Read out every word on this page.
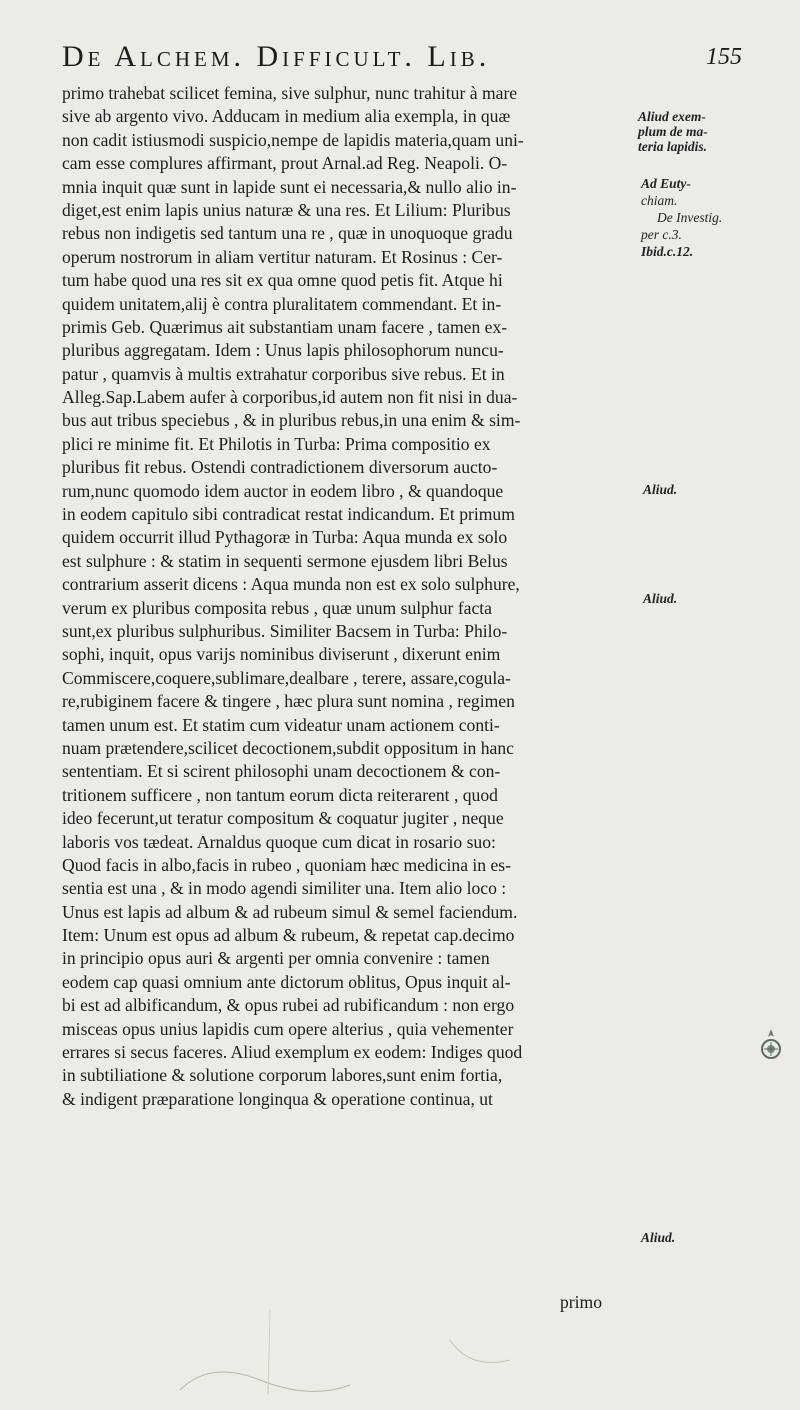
De Alchem. Difficult. Lib.	155
primo trahebat scilicet femina, sive sulphur, nunc trahitur à mare
sive ab argento vivo. Adducam in medium alia exempla, in quæ
non cadit istiusmodi suspicio,nempe de lapidis materia,quam uni-
cam esse complures affirmant, prout Arnal.ad Reg. Neapoli. O-
mnia inquit quæ sunt in lapide sunt ei necessaria,& nullo alio in-
diget,est enim lapis unius naturæ & una res. Et Lilium: Pluribus
rebus non indigetis sed tantum una re , quæ in unoquoque gradu
operum nostrorum in aliam vertitur naturam. Et Rosinus : Cer-
tum habe quod una res sit ex qua omne quod petis fit. Atque hi
quidem unitatem,alij è contra pluralitatem commendant. Et in-
primis Geb. Quærimus ait substantiam unam facere , tamen ex-
pluribus aggregatam. Idem : Unus lapis philosophorum nuncu-
patur , quamvis à multis extrahatur corporibus sive rebus. Et in
Alleg.Sap.Labem aufer à corporibus,id autem non fit nisi in dua-
bus aut tribus speciebus , & in pluribus rebus,in una enim & sim-
plici re minime fit. Et Philotis in Turba: Prima compositio ex
pluribus fit rebus. Ostendi contradictionem diversorum aucto-
rum,nunc quomodo idem auctor in eodem libro , & quandoque
in eodem capitulo sibi contradicat restat indicandum. Et primum
quidem occurrit illud Pythagoræ in Turba: Aqua munda ex solo
est sulphure : & statim in sequenti sermone ejusdem libri Belus
contrarium asserit dicens : Aqua munda non est ex solo sulphure,
verum ex pluribus composita rebus , quæ unum sulphur facta
sunt,ex pluribus sulphuribus. Similiter Bacsem in Turba: Philo-
sophi, inquit, opus varijs nominibus diviserunt , dixerunt enim
Commiscere,coquere,sublimare,dealbare , terere, assare,cogula-
re,rubiginem facere & tingere , hæc plura sunt nomina , regimen
tamen unum est. Et statim cum videatur unam actionem conti-
nuam prætendere,scilicet decoctionem,subdit oppositum in hanc
sententiam. Et si scirent philosophi unam decoctionem & con-
tritionem sufficere , non tantum eorum dicta reiterarent , quod
ideo fecerunt,ut teratur compositum & coquatur jugiter , neque
laboris vos tædeat. Arnaldus quoque cum dicat in rosario suo:
Quod facis in albo,facis in rubeo , quoniam hæc medicina in es-
sentia est una , & in modo agendi similiter una. Item alio loco :
Unus est lapis ad album & ad rubeum simul & semel faciendum.
Item: Unum est opus ad album & rubeum, & repetat cap.decimo
in principio opus auri & argenti per omnia convenire : tamen
eodem cap quasi omnium ante dictorum oblitus, Opus inquit al-
bi est ad albificandum, & opus rubei ad rubificandum : non ergo
misceas opus unius lapidis cum opere alterius , quia vehementer
errares si secus faceres. Aliud exemplum ex eodem: Indiges quod
in subtiliatione & solutione corporum labores,sunt enim fortia,
& indigent præparatione longinqua & operatione continua, ut
primo
Aliud exem-
plum de ma-
teria lapidis.
Ad Euty-
chiam.
De Investig.
per c.3.
Ibid.c.12.
Aliud.
Aliud.
Aliud.
